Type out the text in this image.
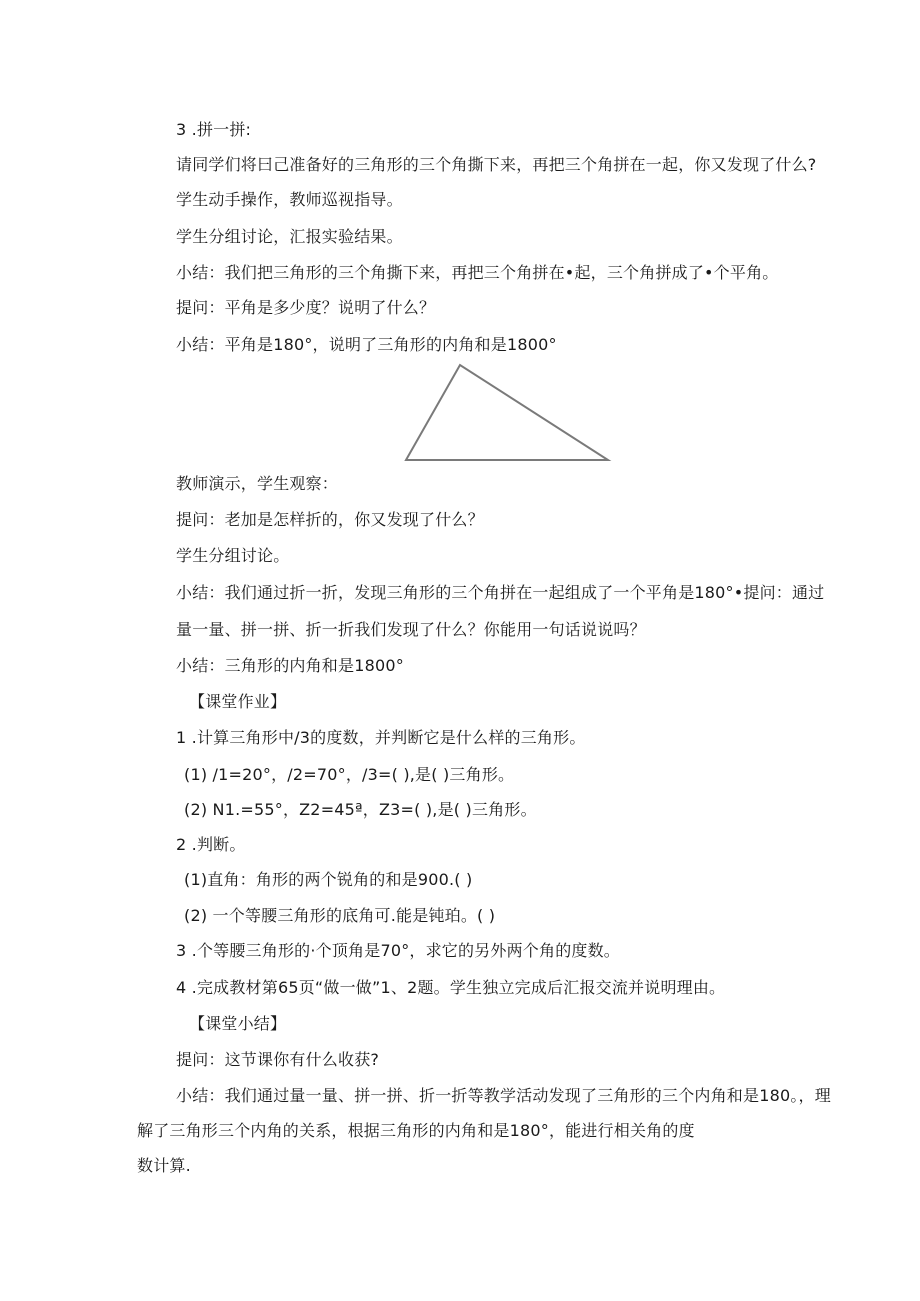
3 .拼一拼:
请同学们将曰己准备好的三角形的三个角撕下来，再把三个角拼在一起，你又发现了什么?
学生动手操作，教师巡视指导。
学生分组讨论，汇报实验结果。
小结：我们把三角形的三个角撕下来，再把三个角拼在•起，三个角拼成了•个平角。
提问：平角是多少度？说明了什么？
小结：平角是180°，说明了三角形的内角和是1800°
教师演示，学生观察：
提问：老加是怎样折的，你又发现了什么？
学生分组讨论。
小结：我们通过折一折，发现三角形的三个角拼在一起组成了一个平角是180°•提问：通过
量一量、拼一拼、折一折我们发现了什么？你能用一句话说说吗？
小结：三角形的内角和是1800°
【课堂作业】
1 .计算三角形中/3的度数，并判断它是什么样的三角形。
(1) /1=20°，/2=70°，/3=( ),是( )三角形。
(2) N1.=55°，Z2=45ª，Z3=( ),是( )三角形。
2 .判断。
(1)直角：角形的两个锐角的和是900.( )
(2) 一个等腰三角形的底角可.能是钝珀。( )
3 .个等腰三角形的·个顶角是70°，求它的另外两个角的度数。
4 .完成教材第65页“做一做”1、2题。学生独立完成后汇报交流并说明理由。
【课堂小结】
提问：这节课你有什么收获?
小结：我们通过量一量、拼一拼、折一折等教学活动发现了三角形的三个内角和是180。，理
解了三角形三个内角的关系，根据三角形的内角和是180°，能进行相关角的度
数计算.
